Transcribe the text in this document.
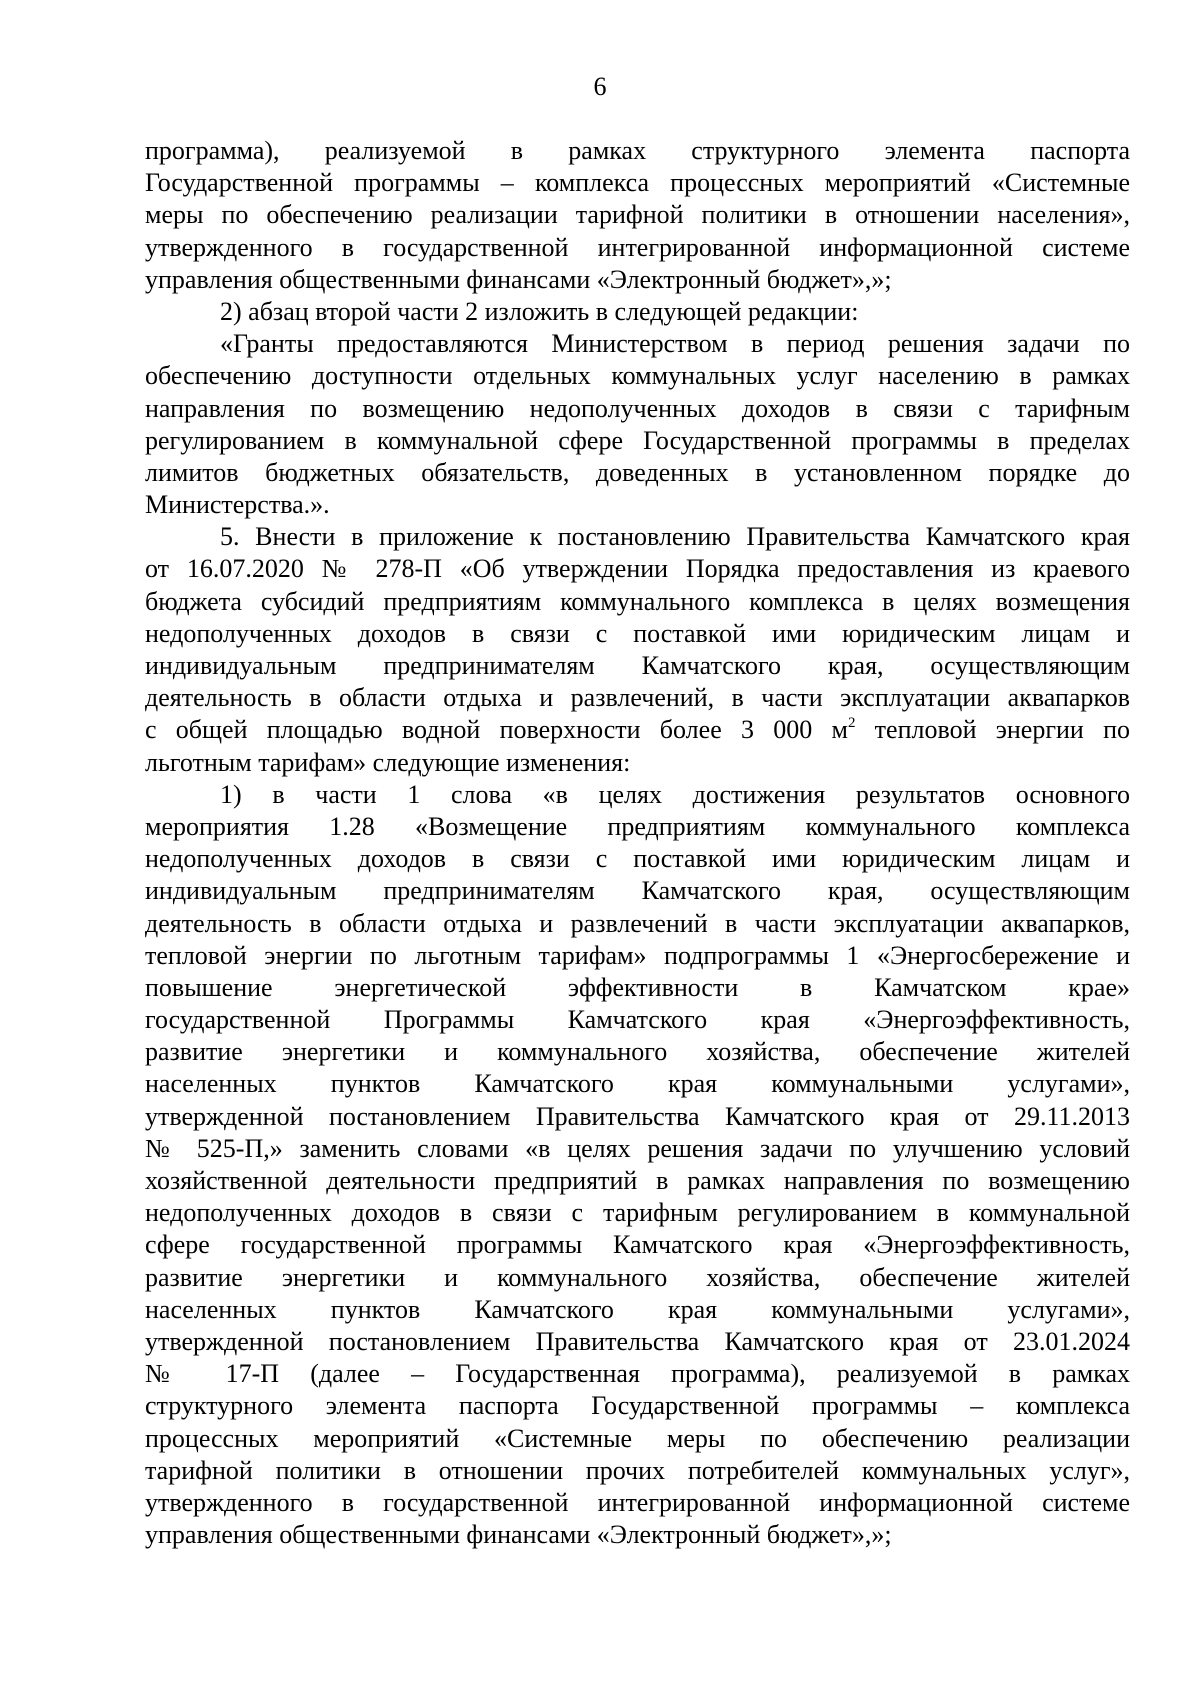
6
программа), реализуемой в рамках структурного элемента паспорта
Государственной программы – комплекса процессных мероприятий «Системные
меры по обеспечению реализации тарифной политики в отношении населения»,
утвержденного в государственной интегрированной информационной системе
управления общественными финансами «Электронный бюджет»,»;
2) абзац второй части 2 изложить в следующей редакции:
«Гранты предоставляются Министерством в период решения задачи по
обеспечению доступности отдельных коммунальных услуг населению в рамках
направления по возмещению недополученных доходов в связи с тарифным
регулированием в коммунальной сфере Государственной программы в пределах
лимитов бюджетных обязательств, доведенных в установленном порядке до
Министерства.».
5. Внести в приложение к постановлению Правительства Камчатского края
от 16.07.2020 № 278-П «Об утверждении Порядка предоставления из краевого
бюджета субсидий предприятиям коммунального комплекса в целях возмещения
недополученных доходов в связи с поставкой ими юридическим лицам и
индивидуальным предпринимателям Камчатского края, осуществляющим
деятельность в области отдыха и развлечений, в части эксплуатации аквапарков
с общей площадью водной поверхности более 3 000 $м^2$ тепловой энергии по
льготным тарифам» следующие изменения:
1) в части 1 слова «в целях достижения результатов основного
мероприятия 1.28 «Возмещение предприятиям коммунального комплекса
недополученных доходов в связи с поставкой ими юридическим лицам и
индивидуальным предпринимателям Камчатского края, осуществляющим
деятельность в области отдыха и развлечений в части эксплуатации аквапарков,
тепловой энергии по льготным тарифам» подпрограммы 1 «Энергосбережение и
повышение энергетической эффективности в Камчатском крае»
государственной Программы Камчатского края «Энергоэффективность,
развитие энергетики и коммунального хозяйства, обеспечение жителей
населенных пунктов Камчатского края коммунальными услугами»,
утвержденной постановлением Правительства Камчатского края от 29.11.2013
№ 525-П,» заменить словами «в целях решения задачи по улучшению условий
хозяйственной деятельности предприятий в рамках направления по возмещению
недополученных доходов в связи с тарифным регулированием в коммунальной
сфере государственной программы Камчатского края «Энергоэффективность,
развитие энергетики и коммунального хозяйства, обеспечение жителей
населенных пунктов Камчатского края коммунальными услугами»,
утвержденной постановлением Правительства Камчатского края от 23.01.2024
№ 17-П (далее – Государственная программа), реализуемой в рамках
структурного элемента паспорта Государственной программы – комплекса
процессных мероприятий «Системные меры по обеспечению реализации
тарифной политики в отношении прочих потребителей коммунальных услуг»,
утвержденного в государственной интегрированной информационной системе
управления общественными финансами «Электронный бюджет»,»;
